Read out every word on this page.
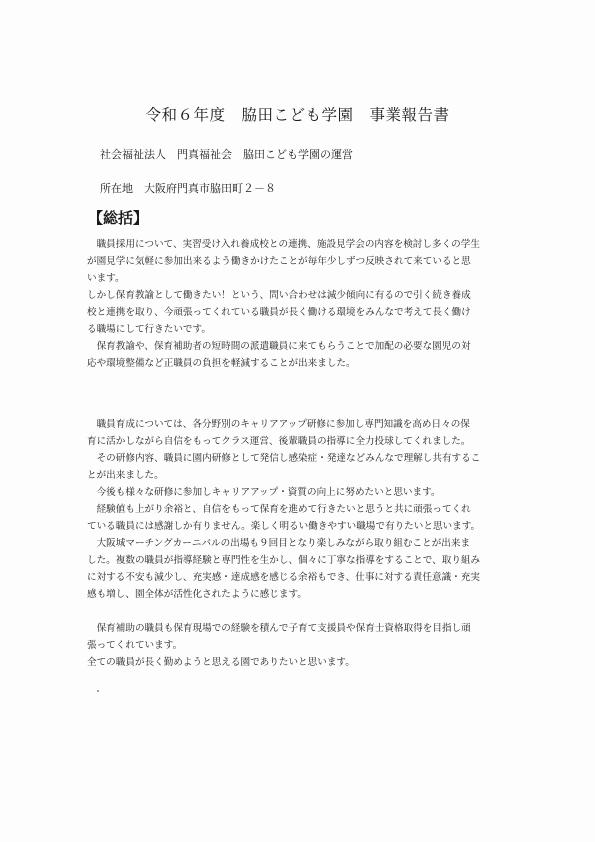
令和６年度　脇田こども学園　事業報告書
社会福祉法人　門真福祉会　脇田こども学園の運営
所在地　大阪府門真市脇田町２－８
【総括】

　職員採用について、実習受け入れ養成校との連携、施設見学会の内容を検討し多くの学生

が園見学に気軽に参加出来るよう働きかけたことが毎年少しずつ反映されて来ていると思

います。

しかし保育教諭として働きたい！という、問い合わせは減少傾向に有るので引く続き養成

校と連携を取り、今頑張ってくれている職員が長く働ける環境をみんなで考えて長く働け

る職場にして行きたいです。

　保育教諭や、保育補助者の短時間の派遣職員に来てもらうことで加配の必要な園児の対

応や環境整備など正職員の負担を軽減することが出来ました。

　職員育成については、各分野別のキャリアアップ研修に参加し専門知識を高め日々の保

育に活かしながら自信をもってクラス運営、後輩職員の指導に全力投球してくれました。

　その研修内容、職員に園内研修として発信し感染症・発達などみんなで理解し共有するこ

とが出来ました。

　今後も様々な研修に参加しキャリアアップ・資質の向上に努めたいと思います。

　経験値も上がり余裕と、自信をもって保育を進めて行きたいと思うと共に頑張ってくれ

ている職員には感謝しか有りません。楽しく明るい働きやすい職場で有りたいと思います。

　大阪城マーチングカーニバルの出場も９回目となり楽しみながら取り組むことが出来ま

した。複数の職員が指導経験と専門性を生かし、個々に丁寧な指導をすることで、取り組み

に対する不安も減少し、充実感・達成感を感じる余裕もでき、仕事に対する責任意識・充実

感も増し、園全体が活性化されたように感じます。

　保育補助の職員も保育現場での経験を積んで子育て支援員や保育士資格取得を目指し頑

張ってくれています。

全ての職員が長く勤めようと思える園でありたいと思います。
